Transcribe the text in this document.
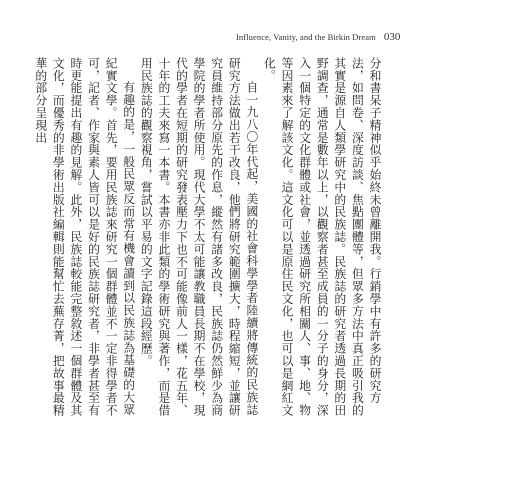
Influence, Vanity, and the Birkin Dream 030

分和書呆子精神似乎始終未曾離開我。行銷學中有許多的研究方法，如問卷、深度訪談、焦點團體等，但眾多方法中真正吸引我的其實是源自人類學研究中的民族誌。民族誌的研究者透過長期的田野調查，通常是數年以上，以觀察者甚至成員的一分子的身分，深入一個特定的文化群體或社會，並透過研究所相關人、事、地、物等因素來了解該文化。這文化可以是原住民文化，也可以是網紅文化。

自一九八〇年代起，美國的社會科學學者陸續將傳統的民族誌研究方法做出若干改良，他們將研究範圍擴大，時程縮短，並讓研究員維持部分原先的作息，縱然有諸多改良，民族誌仍然鮮少為商學院的學者所使用。現代大學不太可能讓教職員長期不在學校，現代的學者在短期的研究發表壓力下也不可能像前人一樣，花五年、十年的工夫來寫一本書。本書亦非此類的學術研究與著作，而是借用民族誌的觀察視角，嘗試以平易的文字記錄這段經歷。

有趣的是，一般民眾反而常有機會讀到以民族誌為基礎的大眾紀實文學。首先，要用民族誌來研究一個群體並不一定非得學者不可，記者、作家與素人皆可以是好的民族誌研究者，非學者甚至有時更能提出有趣的見解。此外，民族誌較能完整敘述一個群體及其文化，而優秀的非學術出版社編輯則能幫忙去蕪存菁，把故事最精華的部分呈現出
